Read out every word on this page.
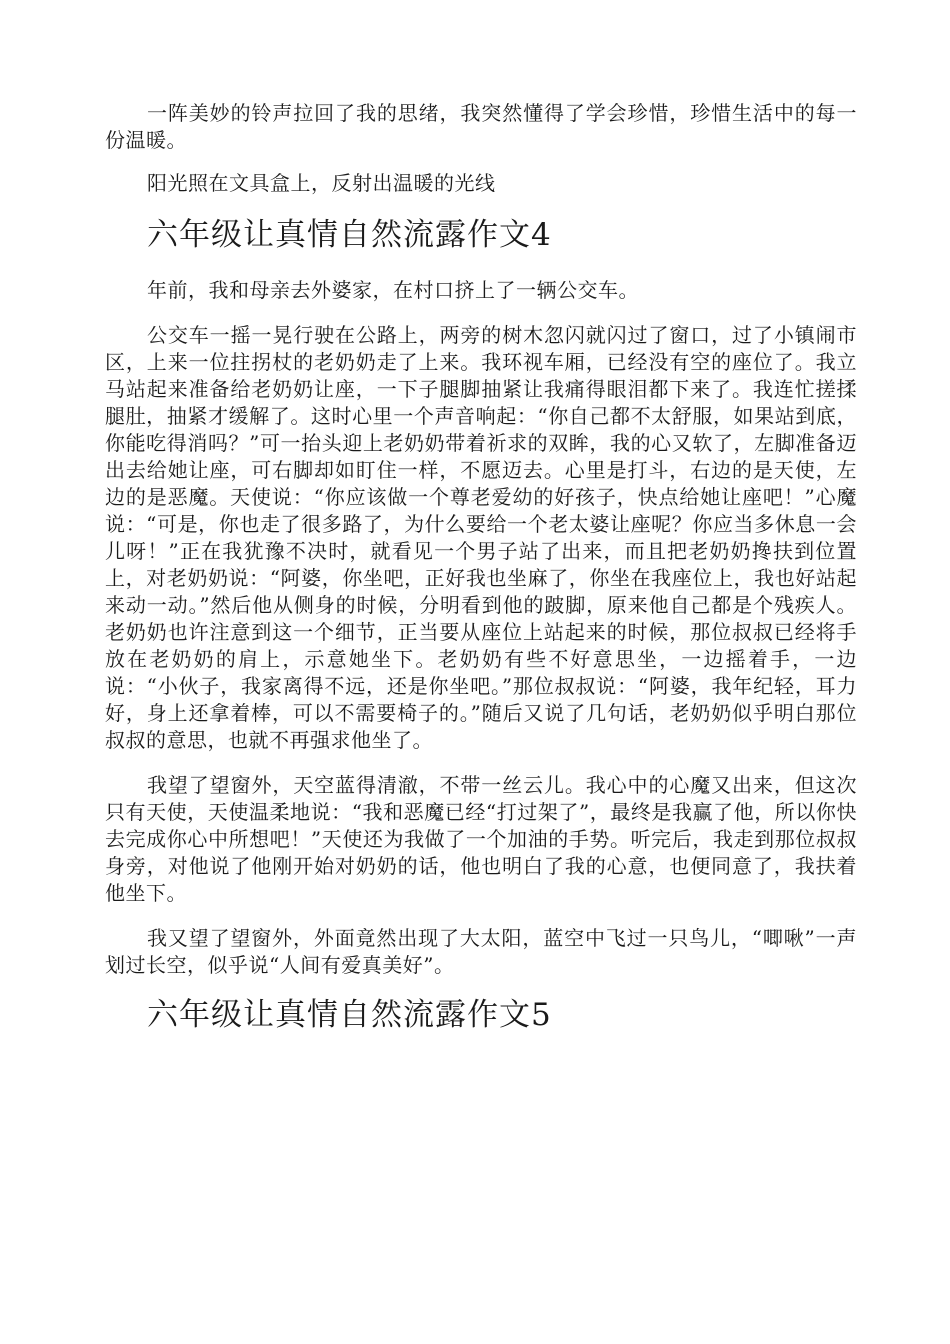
一阵美妙的铃声拉回了我的思绪，我突然懂得了学会珍惜，珍惜生活中的每一份温暖。

阳光照在文具盒上，反射出温暖的光线

六年级让真情自然流露作文4

年前，我和母亲去外婆家，在村口挤上了一辆公交车。

公交车一摇一晃行驶在公路上，两旁的树木忽闪就闪过了窗口，过了小镇闹市区，上来一位拄拐杖的老奶奶走了上来。我环视车厢，已经没有空的座位了。我立马站起来准备给老奶奶让座，一下子腿脚抽紧让我痛得眼泪都下来了。我连忙搓揉腿肚，抽紧才缓解了。这时心里一个声音响起：“你自己都不太舒服，如果站到底，你能吃得消吗？”可一抬头迎上老奶奶带着祈求的双眸，我的心又软了，左脚准备迈出去给她让座，可右脚却如盯住一样，不愿迈去。心里是打斗，右边的是天使，左边的是恶魔。天使说：“你应该做一个尊老爱幼的好孩子，快点给她让座吧！”心魔说：“可是，你也走了很多路了，为什么要给一个老太婆让座呢？你应当多休息一会儿呀！”正在我犹豫不决时，就看见一个男子站了出来，而且把老奶奶搀扶到位置上，对老奶奶说：“阿婆，你坐吧，正好我也坐麻了，你坐在我座位上，我也好站起来动一动。”然后他从侧身的时候，分明看到他的跛脚，原来他自己都是个残疾人。老奶奶也许注意到这一个细节，正当要从座位上站起来的时候，那位叔叔已经将手放在老奶奶的肩上，示意她坐下。老奶奶有些不好意思坐，一边摇着手，一边说：“小伙子，我家离得不远，还是你坐吧。”那位叔叔说：“阿婆，我年纪轻，耳力好，身上还拿着棒，可以不需要椅子的。”随后又说了几句话，老奶奶似乎明白那位叔叔的意思，也就不再强求他坐了。

我望了望窗外，天空蓝得清澈，不带一丝云儿。我心中的心魔又出来，但这次只有天使，天使温柔地说：“我和恶魔已经“打过架了”，最终是我赢了他，所以你快去完成你心中所想吧！”天使还为我做了一个加油的手势。听完后，我走到那位叔叔身旁，对他说了他刚开始对奶奶的话，他也明白了我的心意，也便同意了，我扶着他坐下。

我又望了望窗外，外面竟然出现了大太阳，蓝空中飞过一只鸟儿，“唧啾”一声划过长空，似乎说“人间有爱真美好”。

六年级让真情自然流露作文5
